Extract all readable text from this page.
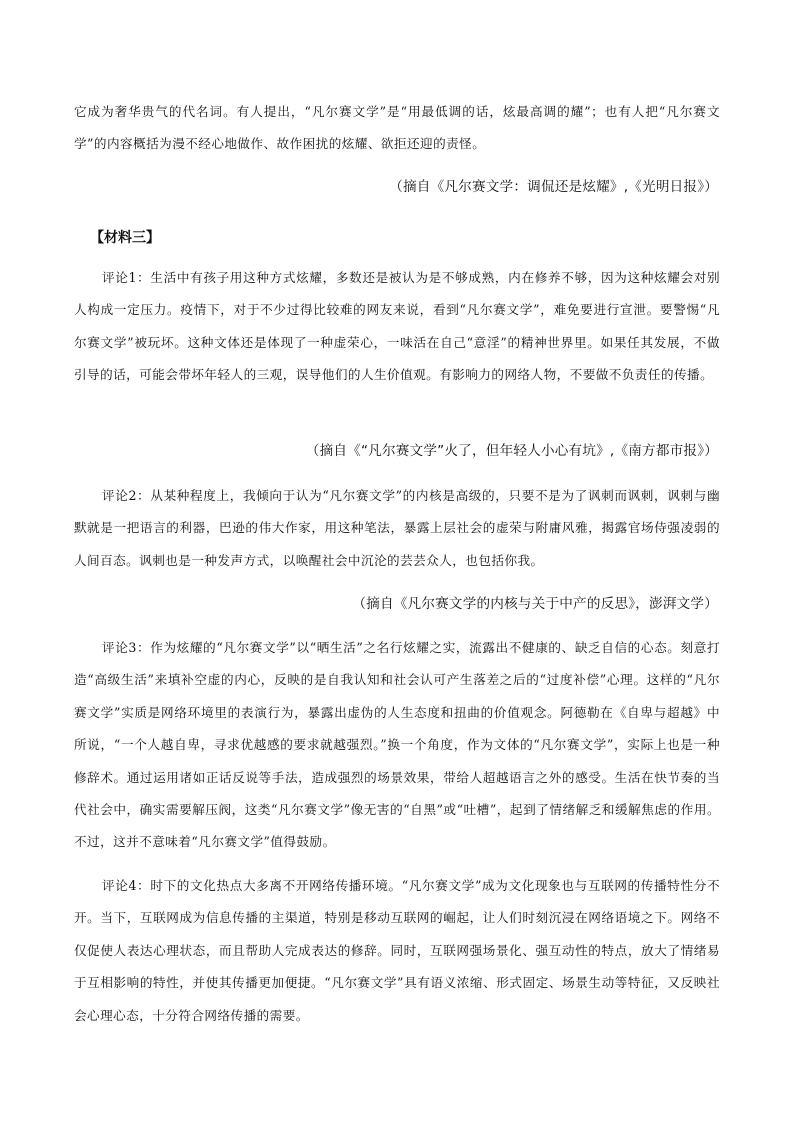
它成为奢华贵气的代名词。有人提出，“凡尔赛文学”是“用最低调的话，炫最高调的耀”；也有人把“凡尔赛文学”的内容概括为漫不经心地做作、故作困扰的炫耀、欲拒还迎的责怪。

（摘自《凡尔赛文学：调侃还是炫耀》,《光明日报》）

【材料三】

评论1：生活中有孩子用这种方式炫耀，多数还是被认为是不够成熟，内在修养不够，因为这种炫耀会对别人构成一定压力。疫情下，对于不少过得比较难的网友来说，看到“凡尔赛文学”，难免要进行宣泄。要警惕“凡尔赛文学”被玩坏。这种文体还是体现了一种虚荣心，一味活在自己“意淫”的精神世界里。如果任其发展，不做引导的话，可能会带坏年轻人的三观，误导他们的人生价值观。有影响力的网络人物，不要做不负责任的传播。

（摘自《“凡尔赛文学”火了，但年轻人小心有坑》,《南方都市报》）

评论2：从某种程度上，我倾向于认为“凡尔赛文学”的内核是高级的，只要不是为了讽刺而讽刺，讽刺与幽默就是一把语言的利器，巴逊的伟大作家，用这种笔法，暴露上层社会的虚荣与附庸风雅，揭露官场侍强凌弱的人间百态。讽刺也是一种发声方式，以唤醒社会中沉沦的芸芸众人，也包括你我。

（摘自《凡尔赛文学的内核与关于中产的反思》，澎湃文学）

评论3：作为炫耀的“凡尔赛文学”以“晒生活”之名行炫耀之实，流露出不健康的、缺乏自信的心态。刻意打造“高级生活”来填补空虚的内心，反映的是自我认知和社会认可产生落差之后的“过度补偿”心理。这样的“凡尔赛文学”实质是网络环境里的表演行为，暴露出虚伪的人生态度和扭曲的价值观念。阿德勒在《自卑与超越》中所说，“一个人越自卑，寻求优越感的要求就越强烈。”换一个角度，作为文体的“凡尔赛文学”，实际上也是一种修辞术。通过运用诸如正话反说等手法，造成强烈的场景效果，带给人超越语言之外的感受。生活在快节奏的当代社会中，确实需要解压阀，这类“凡尔赛文学”像无害的“自黑”或“吐槽”，起到了情绪解乏和缓解焦虑的作用。不过，这并不意味着“凡尔赛文学”值得鼓励。

评论4：时下的文化热点大多离不开网络传播环境。“凡尔赛文学”成为文化现象也与互联网的传播特性分不开。当下，互联网成为信息传播的主渠道，特别是移动互联网的崛起，让人们时刻沉浸在网络语境之下。网络不仅促使人表达心理状态，而且帮助人完成表达的修辞。同时，互联网强场景化、强互动性的特点，放大了情绪易于互相影响的特性，并使其传播更加便捷。“凡尔赛文学”具有语义浓缩、形式固定、场景生动等特征，又反映社会心理心态，十分符合网络传播的需要。
